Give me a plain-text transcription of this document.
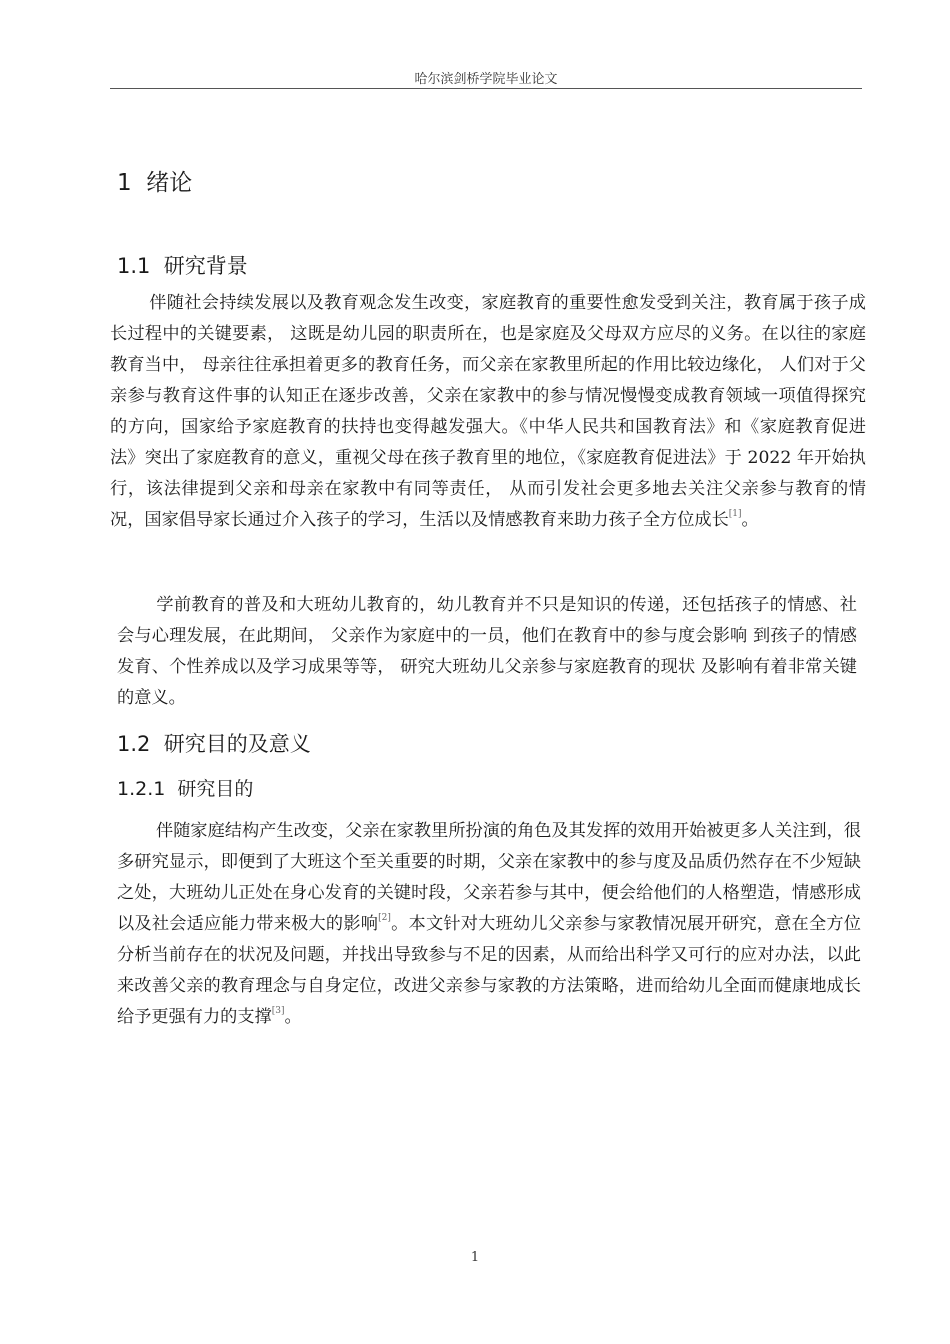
哈尔滨剑桥学院毕业论文
1  绪论
1.1  研究背景

伴随社会持续发展以及教育观念发生改变，家庭教育的重要性愈发受到关注，教育属于孩子成长过程中的关键要素， 这既是幼儿园的职责所在，也是家庭及父母双方应尽的义务。在以往的家庭教育当中， 母亲往往承担着更多的教育任务，而父亲在家教里所起的作用比较边缘化， 人们对于父亲参与教育这件事的认知正在逐步改善，父亲在家教中的参与情况慢慢变成教育领域一项值得探究的方向，国家给予家庭教育的扶持也变得越发强大。《中华人民共和国教育法》和《家庭教育促进法》突出了家庭教育的意义，重视父母在孩子教育里的地位，《家庭教育促进法》于 2022 年开始执行，该法律提到父亲和母亲在家教中有同等责任， 从而引发社会更多地去关注父亲参与教育的情况，国家倡导家长通过介入孩子的学习，生活以及情感教育来助力孩子全方位成长[1]。

学前教育的普及和大班幼儿教育的，幼儿教育并不只是知识的传递，还包括孩子的情感、社会与心理发展，在此期间， 父亲作为家庭中的一员，他们在教育中的参与度会影响 到孩子的情感发育、个性养成以及学习成果等等， 研究大班幼儿父亲参与家庭教育的现状 及影响有着非常关键的意义。

1.2  研究目的及意义
1.2.1  研究目的

伴随家庭结构产生改变，父亲在家教里所扮演的角色及其发挥的效用开始被更多人关注到，很多研究显示，即便到了大班这个至关重要的时期，父亲在家教中的参与度及品质仍然存在不少短缺之处，大班幼儿正处在身心发育的关键时段，父亲若参与其中，便会给他们的人格塑造，情感形成以及社会适应能力带来极大的影响[2]。本文针对大班幼儿父亲参与家教情况展开研究，意在全方位分析当前存在的状况及问题，并找出导致参与不足的因素，从而给出科学又可行的应对办法，以此来改善父亲的教育理念与自身定位，改进父亲参与家教的方法策略，进而给幼儿全面而健康地成长给予更强有力的支撑[3]。

1
